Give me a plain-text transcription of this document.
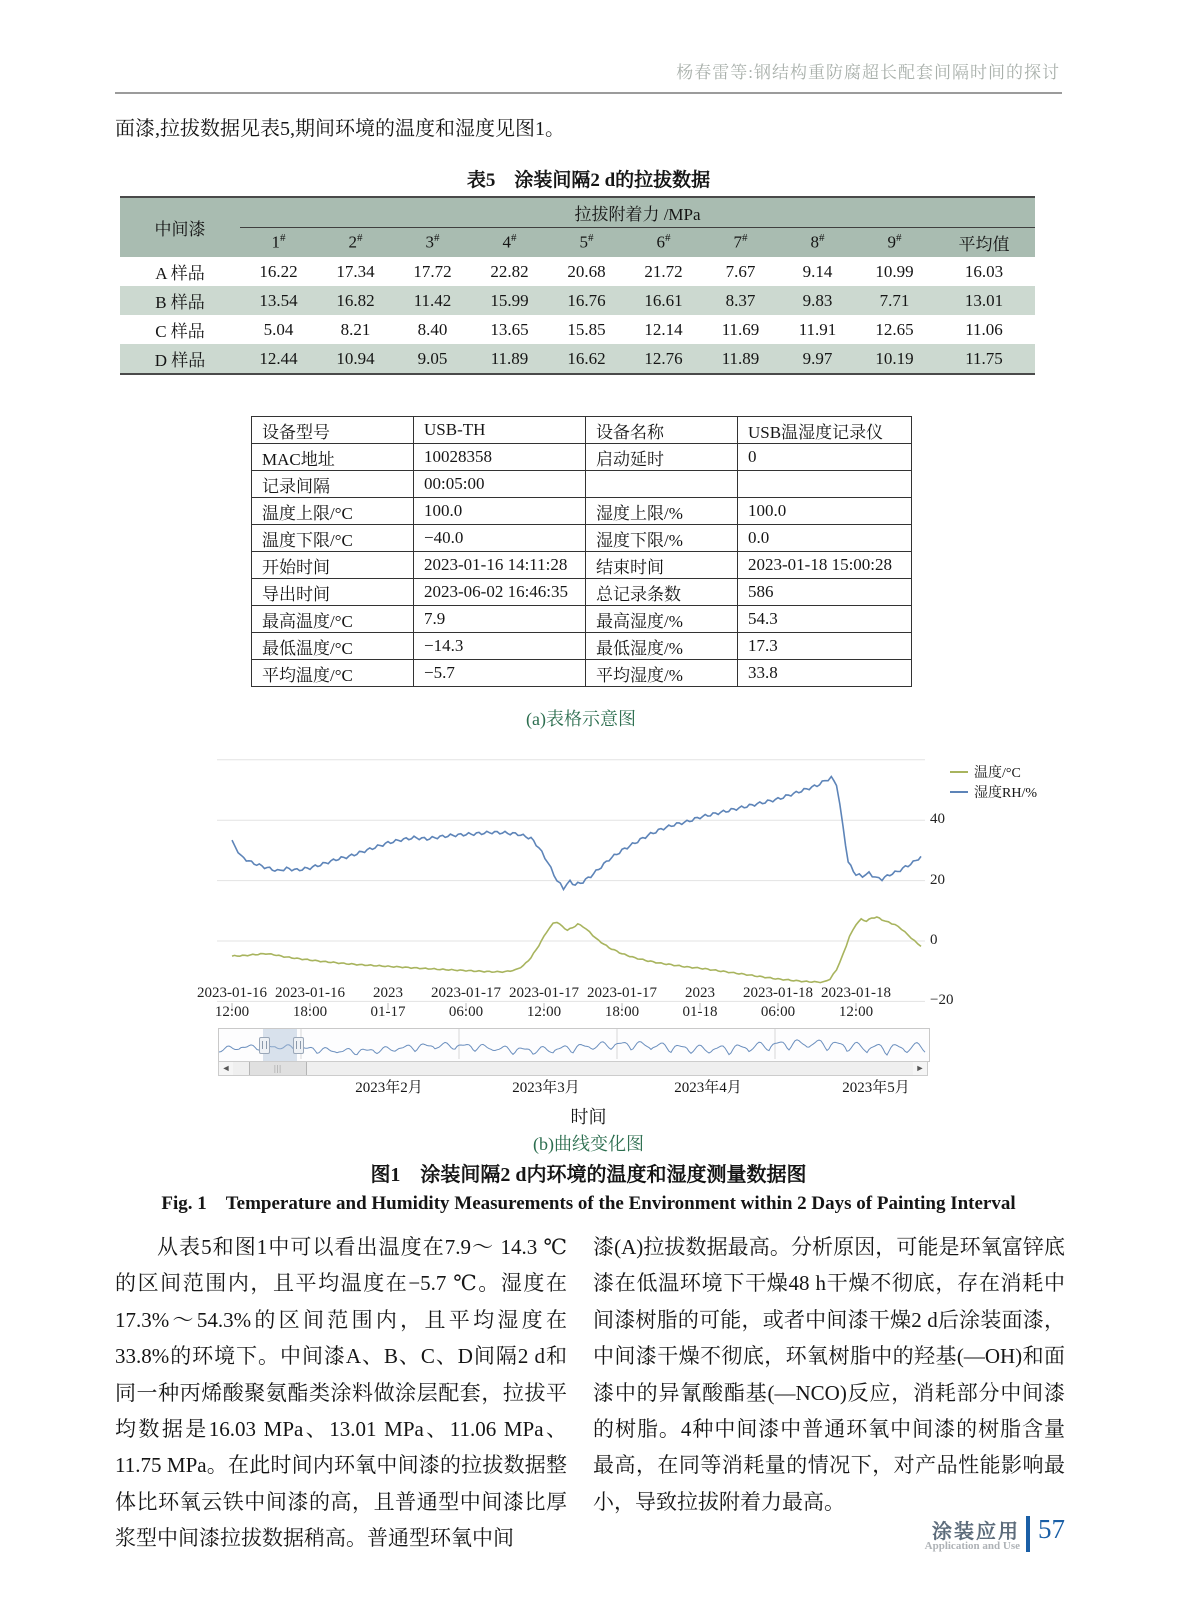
杨春雷等:钢结构重防腐超长配套间隔时间的探讨
面漆,拉拔数据见表5,期间环境的温度和湿度见图1。
表5　涂装间隔2 d的拉拔数据
中间漆	拉拔附着力 /MPa									
	1#	2#	3#	4#	5#	6#	7#	8#	9#	平均值
A 样品	16.22	17.34	17.72	22.82	20.68	21.72	7.67	9.14	10.99	16.03
B 样品	13.54	16.82	11.42	15.99	16.76	16.61	8.37	9.83	7.71	13.01
C 样品	5.04	8.21	8.40	13.65	15.85	12.14	11.69	11.91	12.65	11.06
D 样品	12.44	10.94	9.05	11.89	16.62	12.76	11.89	9.97	10.19	11.75
设备型号	USB-TH	设备名称	USB温湿度记录仪
MAC地址	10028358	启动延时	0
记录间隔	00:05:00		
温度上限/°C	100.0	湿度上限/%	100.0
温度下限/°C	−40.0	湿度下限/%	0.0
开始时间	2023-01-16 14:11:28	结束时间	2023-01-18 15:00:28
导出时间	2023-06-02 16:46:35	总记录条数	586
最高温度/°C	7.9	最高湿度/%	54.3
最低温度/°C	−14.3	最低湿度/%	17.3
平均温度/°C	−5.7	平均湿度/%	33.8
(a)表格示意图
温度/°C
湿度RH/%
40
20
0
−20
2023-01-16
12:00
2023-01-16
18:00
2023
01-17
2023-01-17
06:00
2023-01-17
12:00
2023-01-17
18:00
2023
01-18
2023-01-18
06:00
2023-01-18
12:00
◄	|||	►
2023年2月	2023年3月	2023年4月	2023年5月
时间
(b)曲线变化图
图1　涂装间隔2 d内环境的温度和湿度测量数据图
Fig. 1　Temperature and Humidity Measurements of the Environment within 2 Days of Painting Interval
从表5和图1中可以看出温度在7.9～ 14.3 ℃的区间范围内，且平均温度在−5.7 ℃。湿度在17.3%～54.3%的区间范围内，且平均湿度在33.8%的环境下。中间漆A、B、C、D间隔2 d和同一种丙烯酸聚氨酯类涂料做涂层配套，拉拔平均数据是16.03 MPa、13.01 MPa、11.06 MPa、11.75 MPa。在此时间内环氧中间漆的拉拔数据整体比环氧云铁中间漆的高，且普通型中间漆比厚浆型中间漆拉拔数据稍高。普通型环氧中间
漆(A)拉拔数据最高。分析原因，可能是环氧富锌底漆在低温环境下干燥48 h干燥不彻底，存在消耗中间漆树脂的可能，或者中间漆干燥2 d后涂装面漆，中间漆干燥不彻底，环氧树脂中的羟基(—OH)和面漆中的异氰酸酯基(—NCO)反应，消耗部分中间漆的树脂。4种中间漆中普通环氧中间漆的树脂含量最高，在同等消耗量的情况下，对产品性能影响最小，导致拉拔附着力最高。
涂装应用
Application and Use
57
